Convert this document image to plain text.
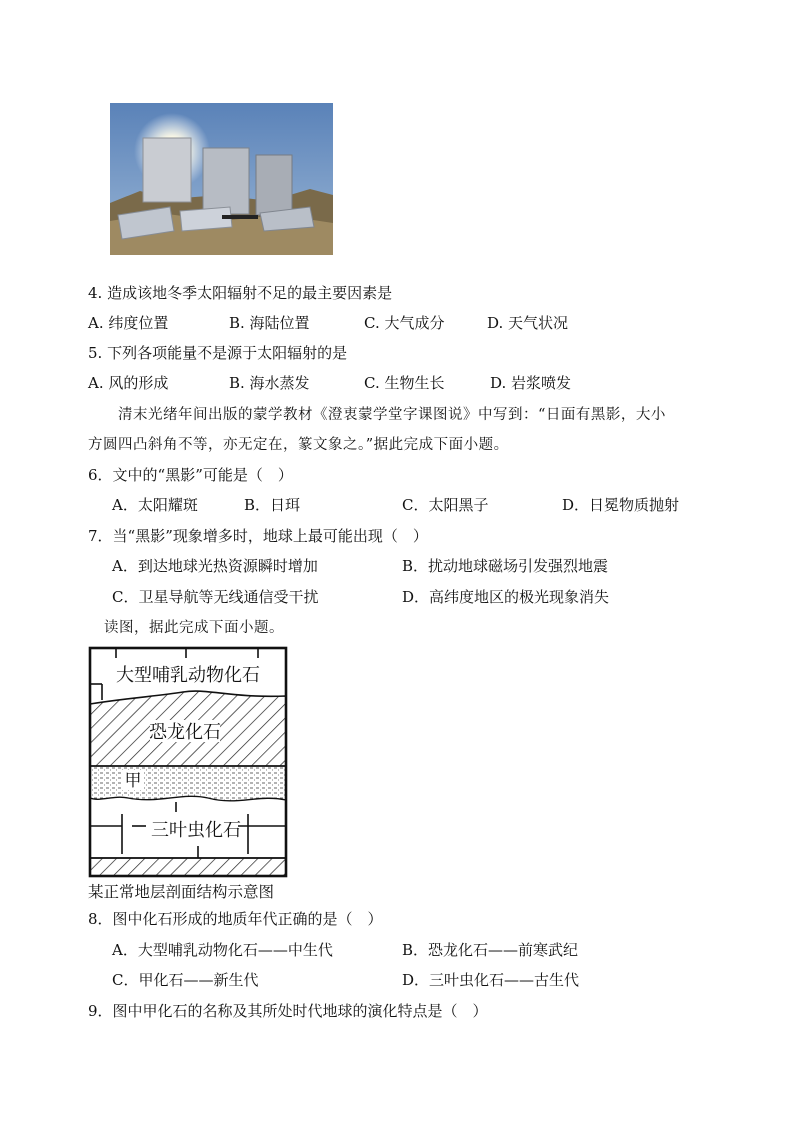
4. 造成该地冬季太阳辐射不足的最主要因素是
A. 纬度位置	B. 海陆位置	C. 大气成分	D. 天气状况
5. 下列各项能量不是源于太阳辐射的是
A. 风的形成	B. 海水蒸发	C. 生物生长	D. 岩浆喷发
清末光绪年间出版的蒙学教材《澄衷蒙学堂字课图说》中写到：“日面有黑影，大小
方圆四凸斜角不等，亦无定在，篆文象之。”据此完成下面小题。
6．文中的“黑影”可能是（　）
A．太阳耀斑	B．日珥	C．太阳黑子	D．日冕物质抛射
7．当“黑影”现象增多时，地球上最可能出现（　）
A．到达地球光热资源瞬时增加	B．扰动地球磁场引发强烈地震
C．卫星导航等无线通信受干扰	D．高纬度地区的极光现象消失
读图，据此完成下面小题。
大型哺乳动物化石
恐龙化石
甲
三叶虫化石
某正常地层剖面结构示意图
8．图中化石形成的地质年代正确的是（　）
A．大型哺乳动物化石——中生代	B．恐龙化石——前寒武纪
C．甲化石——新生代	D．三叶虫化石——古生代
9．图中甲化石的名称及其所处时代地球的演化特点是（　）
